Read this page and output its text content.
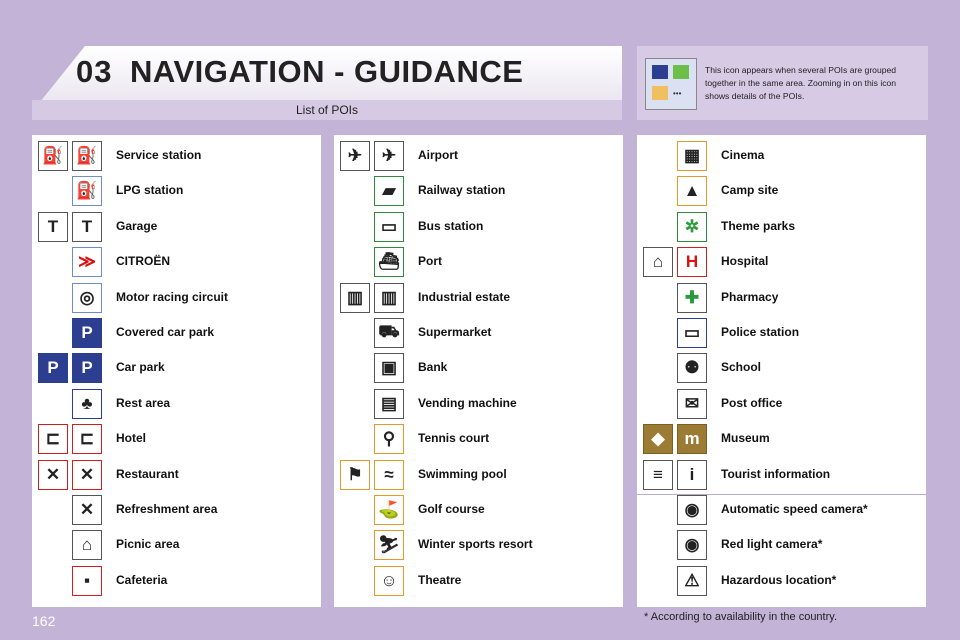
03 NAVIGATION - GUIDANCE
List of POIs
•••
This icon appears when several POIs are grouped together in the same area. Zooming in on this icon shows details of the POIs.
⛽ ⛽	Service station
⛽	LPG station
T	T	Garage
≫	CITROËN
◎	Motor racing circuit
P	Covered car park
P	P	Car park
♣	Rest area
⊏	⊏	Hotel
✕	✕	Restaurant
✕	Refreshment area
⌂	Picnic area
▪	Cafeteria
✈	✈	Airport
▰	Railway station
▭	Bus station
⛴	Port
▥	▥	Industrial estate
⛟	Supermarket
▣	Bank
▤	Vending machine
⚲	Tennis court
⚑	≈	Swimming pool
⛳	Golf course
⛷	Winter sports resort
☺	Theatre
▦	Cinema
▲	Camp site
✲	Theme parks
⌂	H	Hospital
✚	Pharmacy
▭	Police station
⚉	School
✉	Post office
◆	m	Museum
≡	i	Tourist information
◉	Automatic speed camera*
◉	Red light camera*
⚠	Hazardous location*
162	* According to availability in the country.
